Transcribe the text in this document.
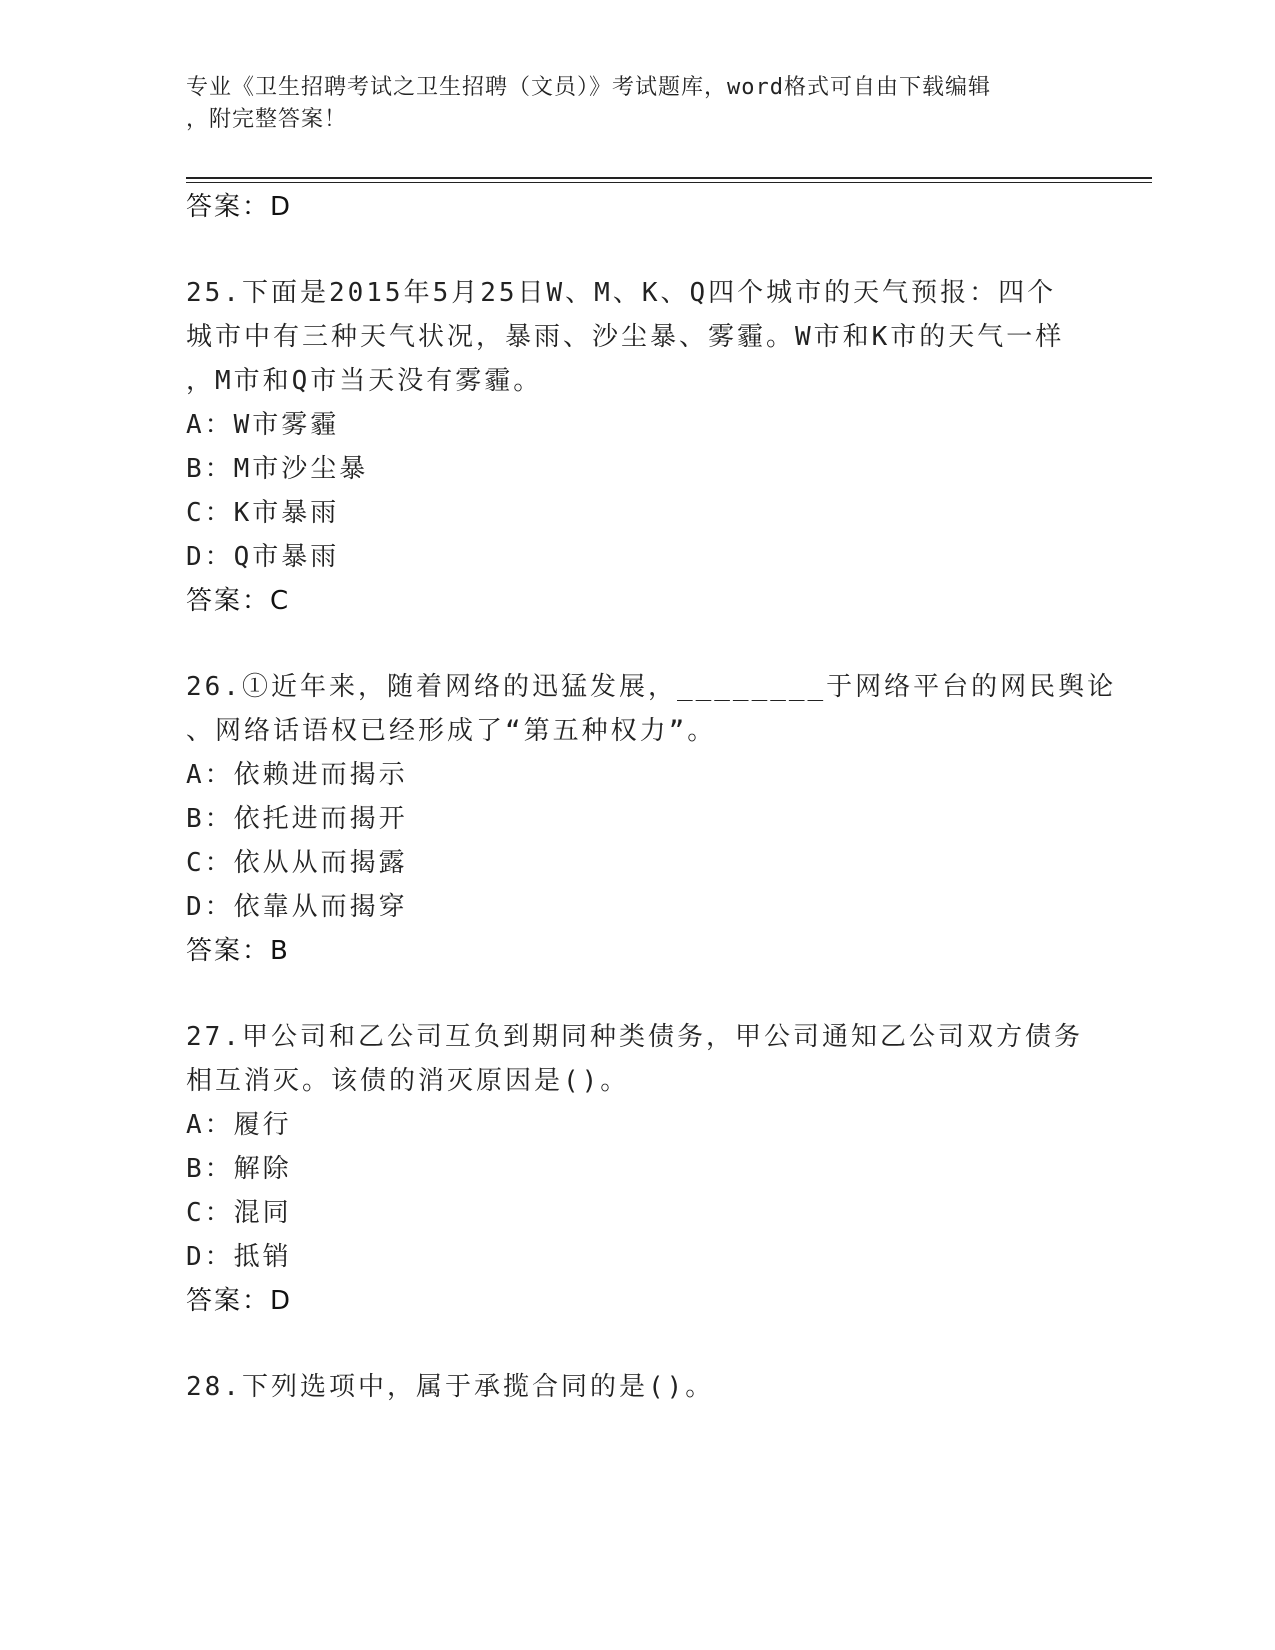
专业《卫生招聘考试之卫生招聘（文员）》考试题库，word格式可自由下载编辑
，附完整答案！
答案：D
25.下面是2015年5月25日W、M、K、Q四个城市的天气预报：四个
城市中有三种天气状况，暴雨、沙尘暴、雾霾。W市和K市的天气一样
，M市和Q市当天没有雾霾。
A：W市雾霾
B：M市沙尘暴
C：K市暴雨
D：Q市暴雨
答案：C
26.①近年来，随着网络的迅猛发展，________于网络平台的网民舆论
、网络话语权已经形成了“第五种权力”。
A：依赖进而揭示
B：依托进而揭开
C：依从从而揭露
D：依靠从而揭穿
答案：B
27.甲公司和乙公司互负到期同种类债务，甲公司通知乙公司双方债务
相互消灭。该债的消灭原因是()。
A：履行
B：解除
C：混同
D：抵销
答案：D
28.下列选项中，属于承揽合同的是()。
